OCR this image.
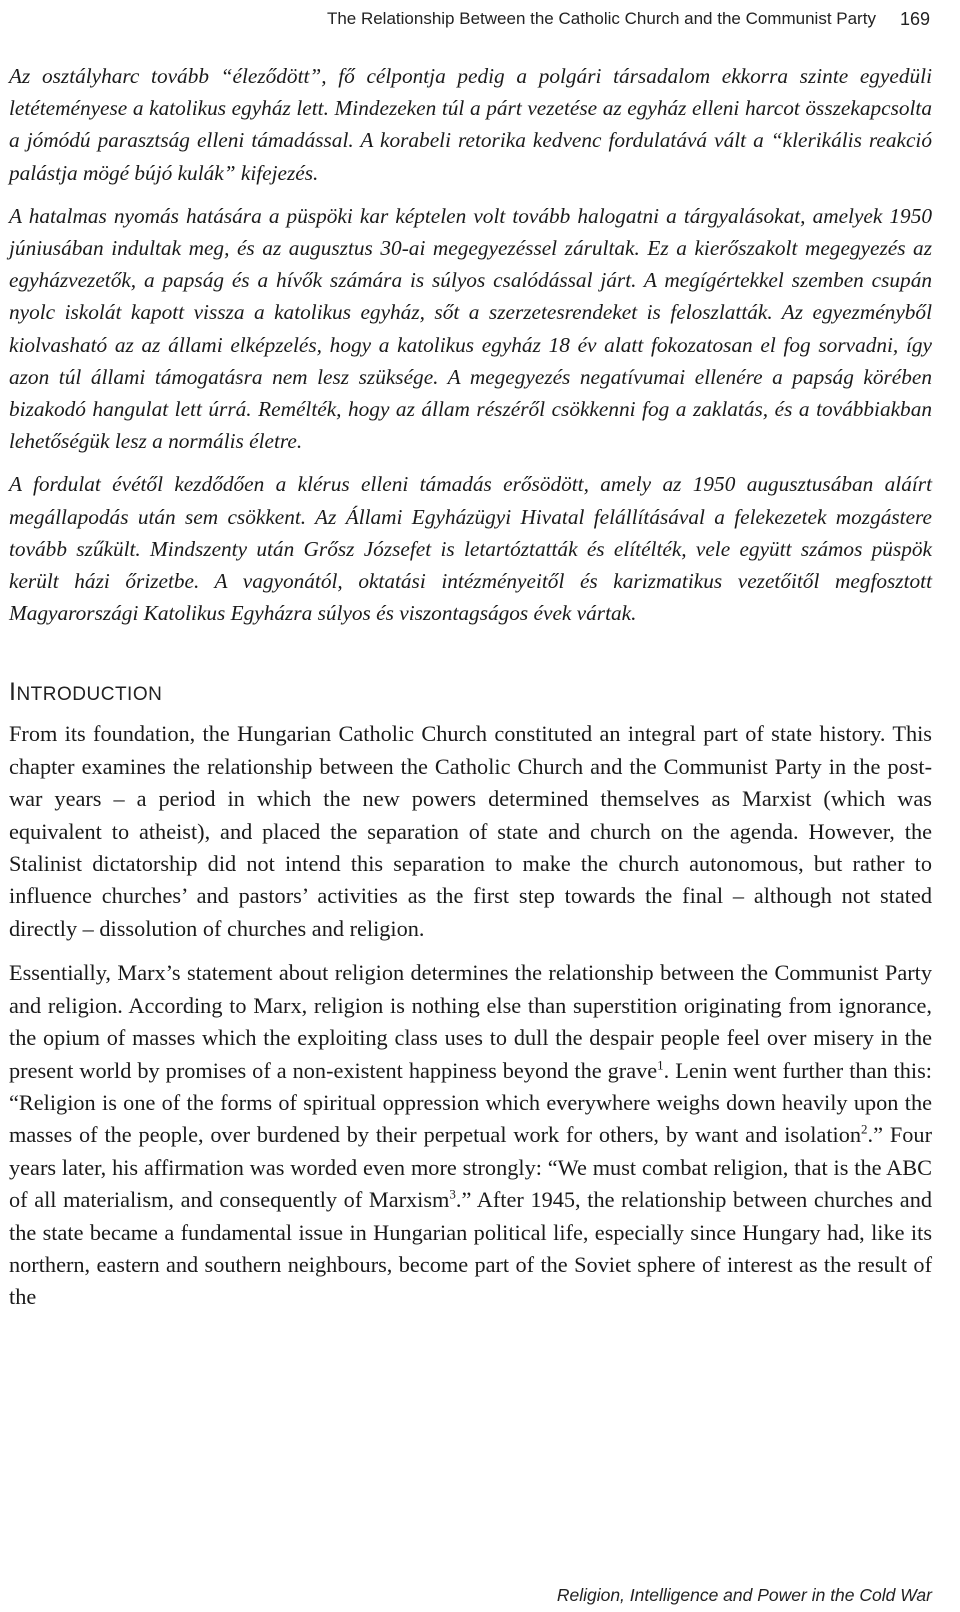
The Relationship Between the Catholic Church and the Communist Party 169

Az osztályharc tovább “éleződött”, fő célpontja pedig a polgári társadalom ekkorra szinte egyedüli letéteményese a katolikus egyház lett. Mindezeken túl a párt vezetése az egyház elleni harcot összekapcsolta a jómódú parasztság elleni támadással. A korabeli retorika kedvenc fordulatává vált a “klerikális reakció palástja mögé bújó kulák” kifejezés.

A hatalmas nyomás hatására a püspöki kar képtelen volt tovább halogatni a tárgyalásokat, amelyek 1950 júniusában indultak meg, és az augusztus 30-ai megegyezéssel zárultak. Ez a kierőszakolt megegyezés az egyházvezetők, a papság és a hívők számára is súlyos csalódással járt. A megígértekkel szemben csupán nyolc iskolát kapott vissza a katolikus egyház, sőt a szerzetesrendeket is feloszlatták. Az egyezményből kiolvasható az az állami elképzelés, hogy a katolikus egyház 18 év alatt fokozatosan el fog sorvadni, így azon túl állami támogatásra nem lesz szüksége. A megegyezés negatívumai ellenére a papság körében bizakodó hangulat lett úrrá. Remélték, hogy az állam részéről csökkenni fog a zaklatás, és a továbbiakban lehetőségük lesz a normális életre.

A fordulat évétől kezdődően a klérus elleni támadás erősödött, amely az 1950 augusztusában aláírt megállapodás után sem csökkent. Az Állami Egyházügyi Hivatal felállításával a felekezetek mozgástere tovább szűkült. Mindszenty után Grősz Józsefet is letartóztatták és elítélték, vele együtt számos püspök került házi őrizetbe. A vagyonától, oktatási intézményeitől és karizmatikus vezetőitől megfosztott Magyarországi Katolikus Egyházra súlyos és viszontagságos évek vártak.

INTRODUCTION

From its foundation, the Hungarian Catholic Church constituted an integral part of state history. This chapter examines the relationship between the Catholic Church and the Communist Party in the post-war years – a period in which the new powers determined themselves as Marxist (which was equivalent to atheist), and placed the separation of state and church on the agenda. However, the Stalinist dictatorship did not intend this separation to make the church autonomous, but rather to influence churches’ and pastors’ activities as the first step towards the final – although not stated directly – dissolution of churches and religion.

Essentially, Marx’s statement about religion determines the relationship between the Communist Party and religion. According to Marx, religion is nothing else than superstition originating from ignorance, the opium of masses which the exploiting class uses to dull the despair people feel over misery in the present world by promises of a non-existent happiness beyond the grave$^1$. Lenin went further than this: “Religion is one of the forms of spiritual oppression which everywhere weighs down heavily upon the masses of the people, over burdened by their perpetual work for others, by want and isolation$^2$.” Four years later, his affirmation was worded even more strongly: “We must combat religion, that is the ABC of all materialism, and consequently of Marxism$^3$.” After 1945, the relationship between churches and the state became a fundamental issue in Hungarian political life, especially since Hungary had, like its northern, eastern and southern neighbours, become part of the Soviet sphere of interest as the result of the

Religion, Intelligence and Power in the Cold War
